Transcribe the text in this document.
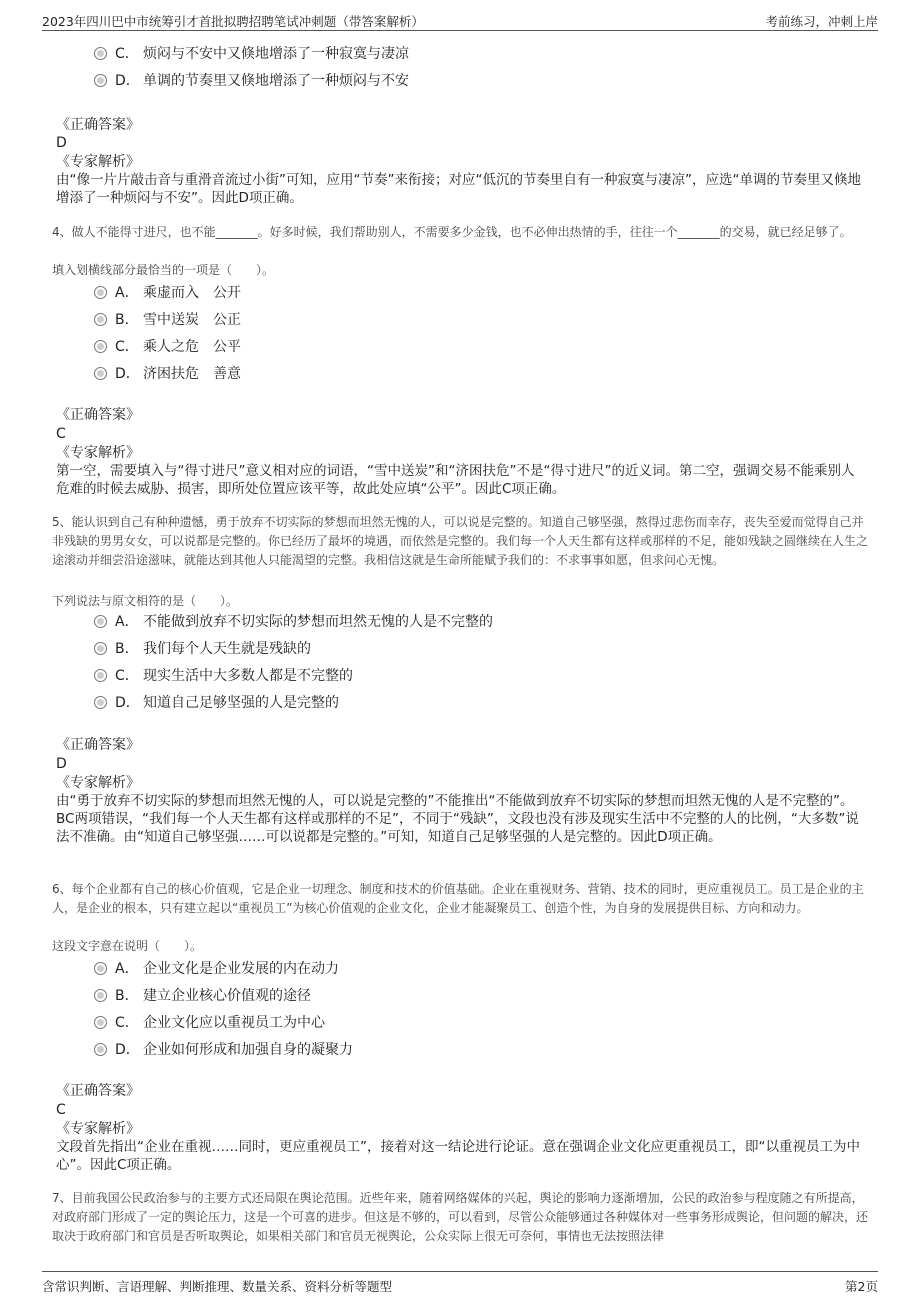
2023年四川巴中市统筹引才首批拟聘招聘笔试冲刺题（带答案解析）	考前练习，冲刺上岸
C． 烦闷与不安中又倏地增添了一种寂寞与凄凉
D． 单调的节奏里又倏地增添了一种烦闷与不安
《正确答案》
D
《专家解析》
由“像一片片敲击音与重滑音流过小街”可知，应用“节奏”来衔接；对应“低沉的节奏里自有一种寂寞与凄凉”，应选“单调的节奏里又倏地增添了一种烦闷与不安”。因此D项正确。
4、做人不能得寸进尺，也不能_______。好多时候，我们帮助别人，不需要多少金钱，也不必伸出热情的手，往往一个_______的交易，就已经足够了。
填入划横线部分最恰当的一项是（　　）。
A． 乘虚而入　公开
B． 雪中送炭　公正
C． 乘人之危　公平
D． 济困扶危　善意
《正确答案》
C
《专家解析》
第一空，需要填入与“得寸进尺”意义相对应的词语，“雪中送炭”和“济困扶危”不是“得寸进尺”的近义词。第二空，强调交易不能乘别人危难的时候去威胁、损害，即所处位置应该平等，故此处应填“公平”。因此C项正确。
5、能认识到自己有种种遗憾，勇于放弃不切实际的梦想而坦然无愧的人，可以说是完整的。知道自己够坚强，熬得过悲伤而幸存，丧失至爱而觉得自己并非残缺的男男女女，可以说都是完整的。你已经历了最坏的境遇，而依然是完整的。我们每一个人天生都有这样或那样的不足，能如残缺之圆继续在人生之途滚动并细尝沿途滋味，就能达到其他人只能渴望的完整。我相信这就是生命所能赋予我们的：不求事事如愿，但求问心无愧。
下列说法与原文相符的是（　　）。
A． 不能做到放弃不切实际的梦想而坦然无愧的人是不完整的
B． 我们每个人天生就是残缺的
C． 现实生活中大多数人都是不完整的
D． 知道自己足够坚强的人是完整的
《正确答案》
D
《专家解析》
由“勇于放弃不切实际的梦想而坦然无愧的人，可以说是完整的”不能推出“不能做到放弃不切实际的梦想而坦然无愧的人是不完整的”。BC两项错误，“我们每一个人天生都有这样或那样的不足”，不同于“残缺”，文段也没有涉及现实生活中不完整的人的比例，“大多数”说法不准确。由“知道自己够坚强……可以说都是完整的。”可知，知道自己足够坚强的人是完整的。因此D项正确。
6、每个企业都有自己的核心价值观，它是企业一切理念、制度和技术的价值基础。企业在重视财务、营销、技术的同时，更应重视员工。员工是企业的主人，是企业的根本，只有建立起以“重视员工”为核心价值观的企业文化，企业才能凝聚员工、创造个性，为自身的发展提供目标、方向和动力。
这段文字意在说明（　　）。
A． 企业文化是企业发展的内在动力
B． 建立企业核心价值观的途径
C． 企业文化应以重视员工为中心
D． 企业如何形成和加强自身的凝聚力
《正确答案》
C
《专家解析》
文段首先指出“企业在重视……同时，更应重视员工”，接着对这一结论进行论证。意在强调企业文化应更重视员工，即“以重视员工为中心”。因此C项正确。
7、目前我国公民政治参与的主要方式还局限在舆论范围。近些年来，随着网络媒体的兴起，舆论的影响力逐渐增加，公民的政治参与程度随之有所提高，对政府部门形成了一定的舆论压力，这是一个可喜的进步。但这是不够的，可以看到，尽管公众能够通过各种媒体对一些事务形成舆论，但问题的解决，还取决于政府部门和官员是否听取舆论，如果相关部门和官员无视舆论，公众实际上很无可奈何，事情也无法按照法律
含常识判断、言语理解、判断推理、数量关系、资料分析等题型	第2页
